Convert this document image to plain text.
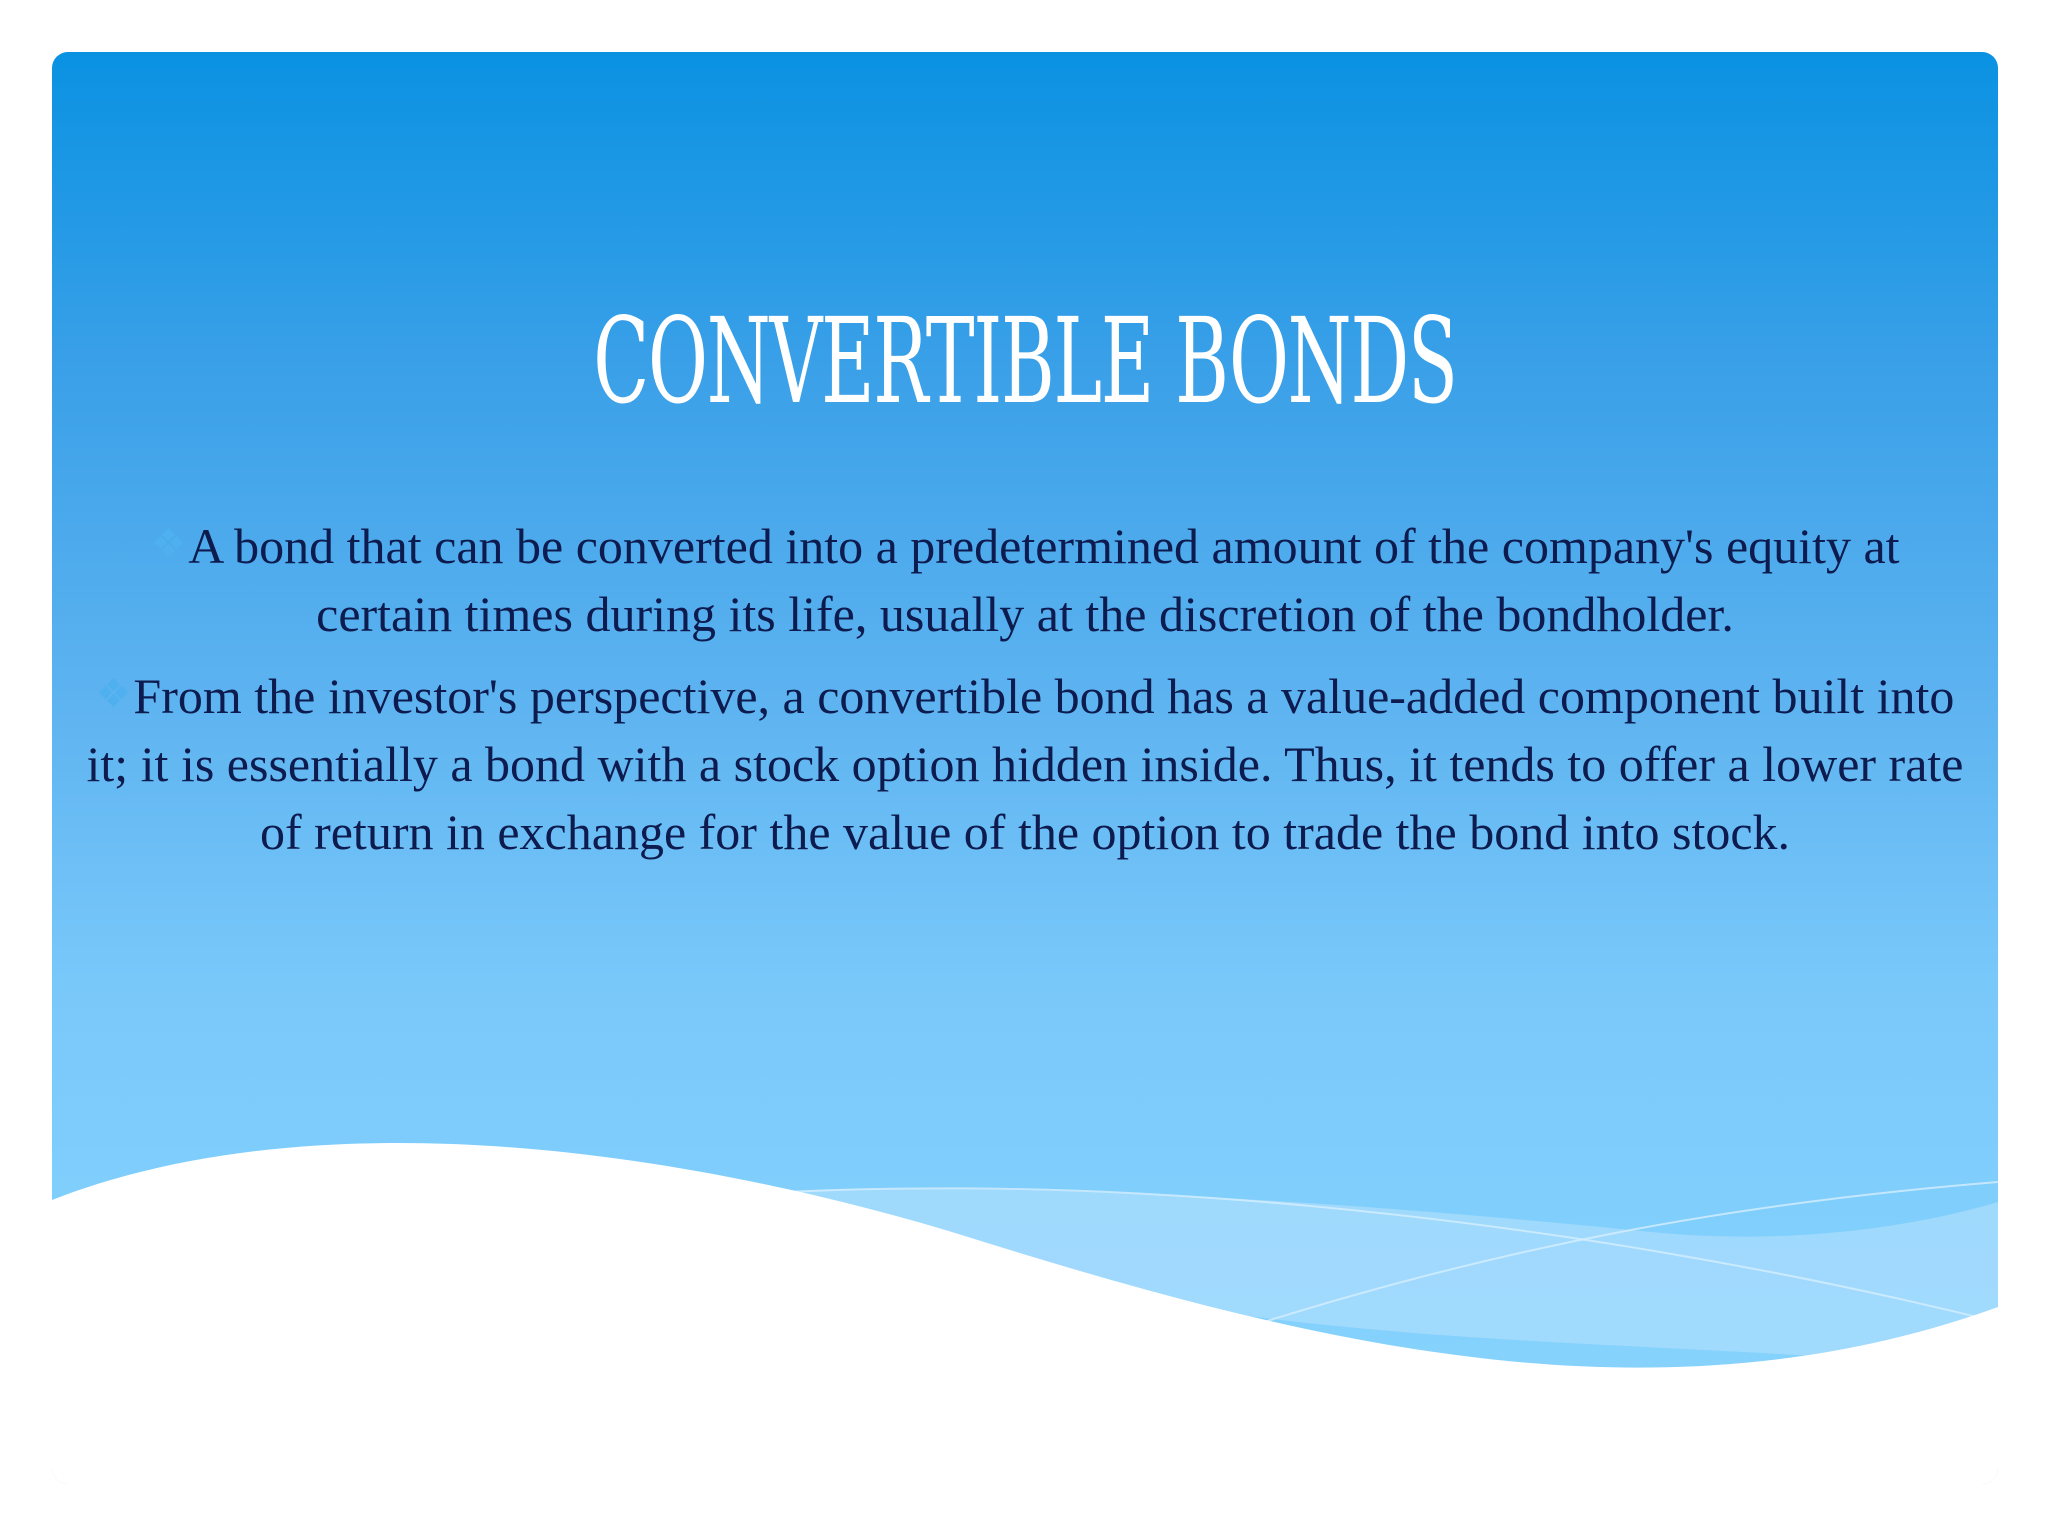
CONVERTIBLE BONDS

❖A bond that can be converted into a predetermined amount of the company's equity at certain times during its life, usually at the discretion of the bondholder.

❖From the investor's perspective, a convertible bond has a value-added component built into it; it is essentially a bond with a stock option hidden inside. Thus, it tends to offer a lower rate of return in exchange for the value of the option to trade the bond into stock.
